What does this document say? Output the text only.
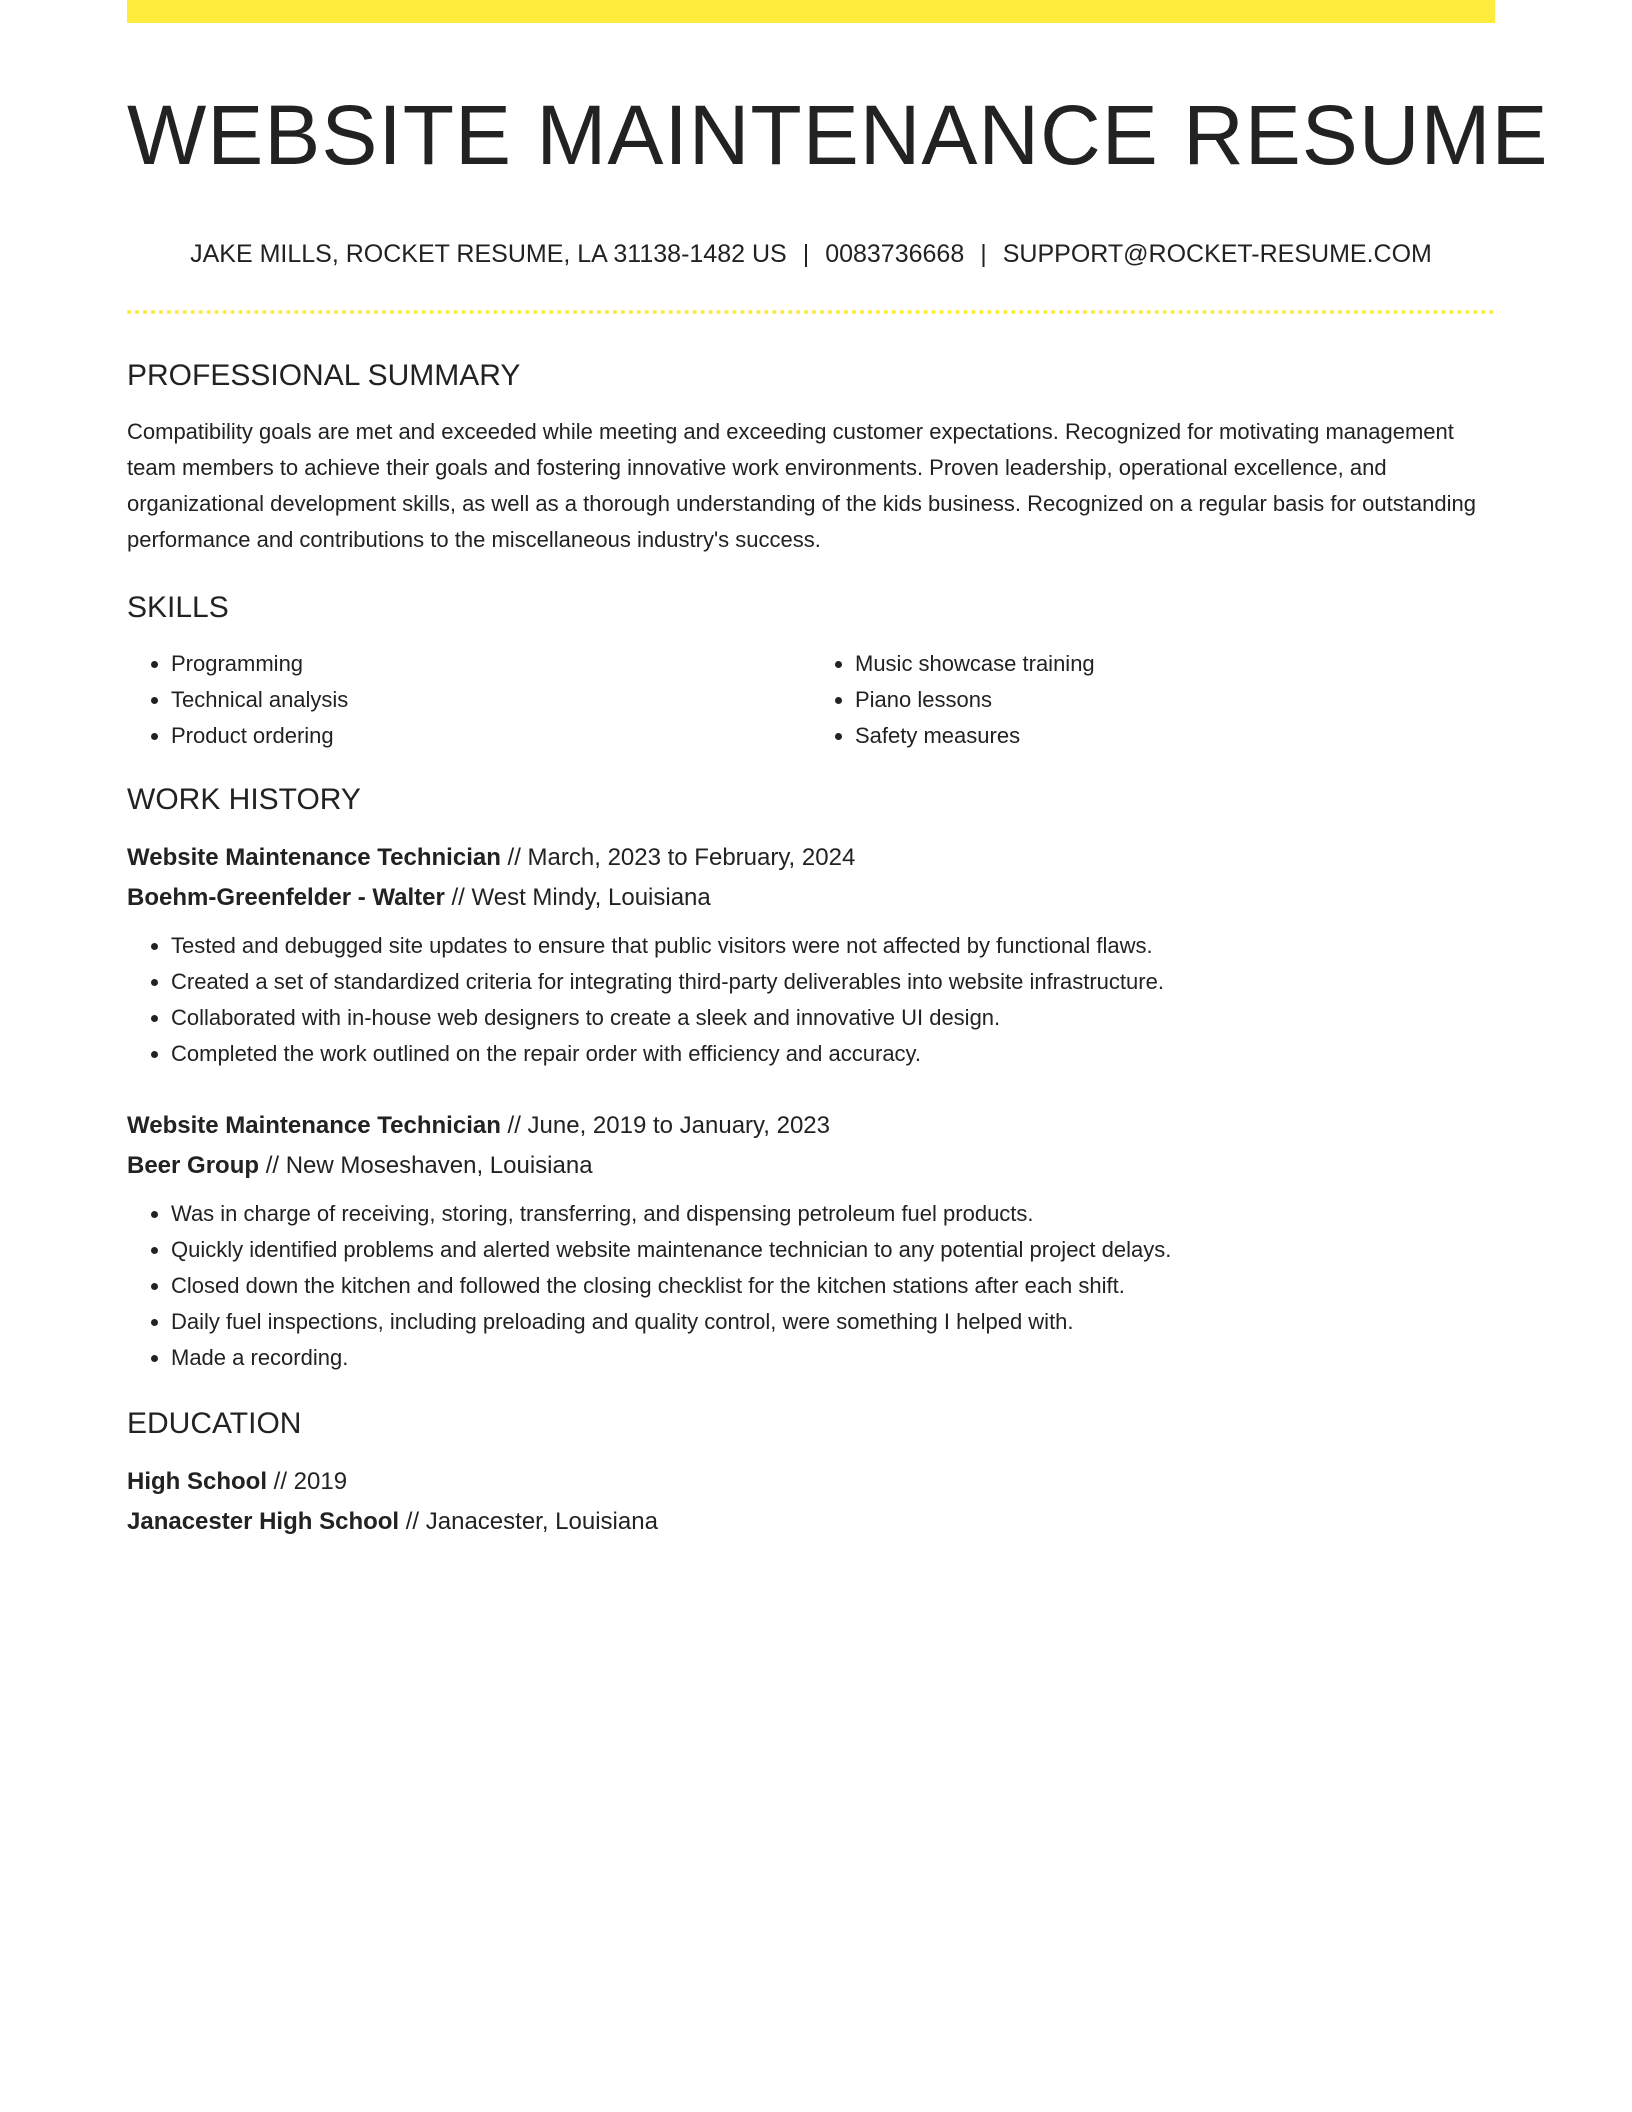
WEBSITE MAINTENANCE RESUME
JAKE MILLS, ROCKET RESUME, LA 31138-1482 US | 0083736668 | SUPPORT@ROCKET-RESUME.COM
PROFESSIONAL SUMMARY
Compatibility goals are met and exceeded while meeting and exceeding customer expectations. Recognized for motivating management team members to achieve their goals and fostering innovative work environments. Proven leadership, operational excellence, and organizational development skills, as well as a thorough understanding of the kids business. Recognized on a regular basis for outstanding performance and contributions to the miscellaneous industry's success.
SKILLS
• Programming
• Technical analysis
• Product ordering
• Music showcase training
• Piano lessons
• Safety measures
WORK HISTORY
Website Maintenance Technician // March, 2023 to February, 2024
Boehm-Greenfelder - Walter // West Mindy, Louisiana
• Tested and debugged site updates to ensure that public visitors were not affected by functional flaws.
• Created a set of standardized criteria for integrating third-party deliverables into website infrastructure.
• Collaborated with in-house web designers to create a sleek and innovative UI design.
• Completed the work outlined on the repair order with efficiency and accuracy.
Website Maintenance Technician // June, 2019 to January, 2023
Beer Group // New Moseshaven, Louisiana
• Was in charge of receiving, storing, transferring, and dispensing petroleum fuel products.
• Quickly identified problems and alerted website maintenance technician to any potential project delays.
• Closed down the kitchen and followed the closing checklist for the kitchen stations after each shift.
• Daily fuel inspections, including preloading and quality control, were something I helped with.
• Made a recording.
EDUCATION
High School // 2019
Janacester High School // Janacester, Louisiana
